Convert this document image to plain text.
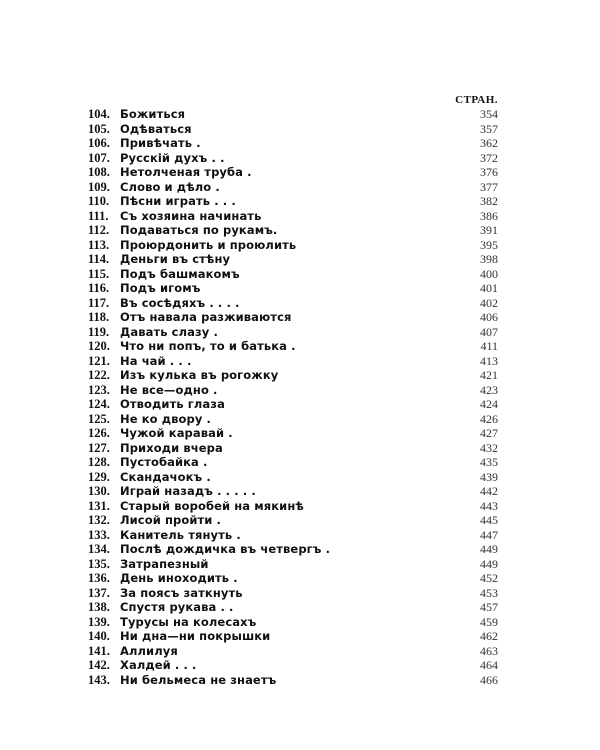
СТРАН.
104. Божиться	354
105. Одѣваться	357
106. Привѣчать .	362
107. Русскій духъ . .	372
108. Нетолченая труба .	376
109. Слово и дѣло .	377
110. Пѣсни играть . . .	382
111. Съ хозяина начинать	386
112. Подаваться по рукамъ.	391
113. Проюрдонить и проюлить	395
114. Деньги въ стѣну	398
115. Подъ башмакомъ	400
116. Подъ игомъ	401
117. Въ сосѣдяхъ . . . .	402
118. Отъ навала разживаются	406
119. Давать слазу .	407
120. Что ни попъ, то и батька .	411
121. На чай . . .	413
122. Изъ кулька въ рогожку	421
123. Не все—одно .	423
124. Отводить глаза	424
125. Не ко двору .	426
126. Чужой каравай .	427
127. Приходи вчера	432
128. Пустобайка .	435
129. Скандачокъ .	439
130. Играй назадъ . . . . .	442
131. Старый воробей на мякинѣ	443
132. Лисой пройти .	445
133. Канитель тянуть .	447
134. Послѣ дождичка въ четвергъ .	449
135. Затрапезный	449
136. День иноходить .	452
137. За поясъ заткнуть	453
138. Спустя рукава . .	457
139. Турусы на колесахъ	459
140. Ни дна—ни покрышки	462
141. Аллилуя	463
142. Халдей . . .	464
143. Ни бельмеса не знаетъ	466
